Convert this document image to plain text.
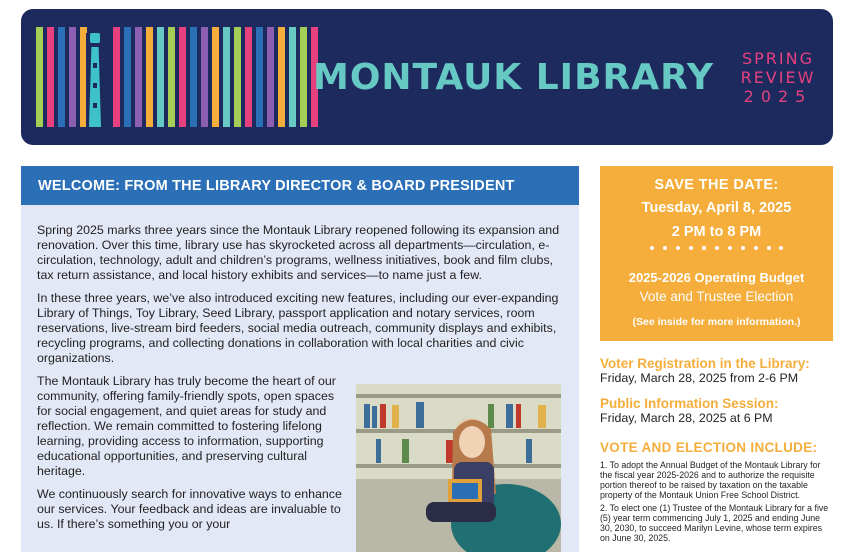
MONTAUK LIBRARY	SPRING
REVIEW
2025
WELCOME: FROM THE LIBRARY DIRECTOR & BOARD PRESIDENT

Spring 2025 marks three years since the Montauk Library reopened following its expansion and renovation. Over this time, library use has skyrocketed across all departments—circulation, e-circulation, technology, adult and children’s programs, wellness initiatives, book and film clubs, tax return assistance, and local history exhibits and services—to name just a few.

In these three years, we’ve also introduced exciting new features, including our ever-expanding Library of Things, Toy Library, Seed Library, passport application and notary services, room reservations, live-stream bird feeders, social media outreach, community displays and exhibits, recycling programs, and collecting donations in collaboration with local charities and civic organizations.

The Montauk Library has truly become the heart of our community, offering family-friendly spots, open spaces for social engagement, and quiet areas for study and reflection. We remain committed to fostering lifelong learning, providing access to information, supporting educational opportunities, and preserving cultural heritage.

We continuously search for innovative ways to enhance our services. Your feedback and ideas are invaluable to us. If there’s something you or your

SAVE THE DATE:
Tuesday, April 8, 2025
2 PM to 8 PM
2025-2026 Operating Budget
Vote and Trustee Election
(See inside for more information.)
Voter Registration in the Library:
Friday, March 28, 2025 from 2-6 PM
Public Information Session:
Friday, March 28, 2025 at 6 PM
VOTE AND ELECTION INCLUDE:

1. To adopt the Annual Budget of the Montauk Library for the fiscal year 2025-2026 and to authorize the requisite portion thereof to be raised by taxation on the taxable property of the Montauk Union Free School District.

2. To elect one (1) Trustee of the Montauk Library for a five (5) year term commencing July 1, 2025 and ending June 30, 2030, to succeed Marilyn Levine, whose term expires on June 30, 2025.
